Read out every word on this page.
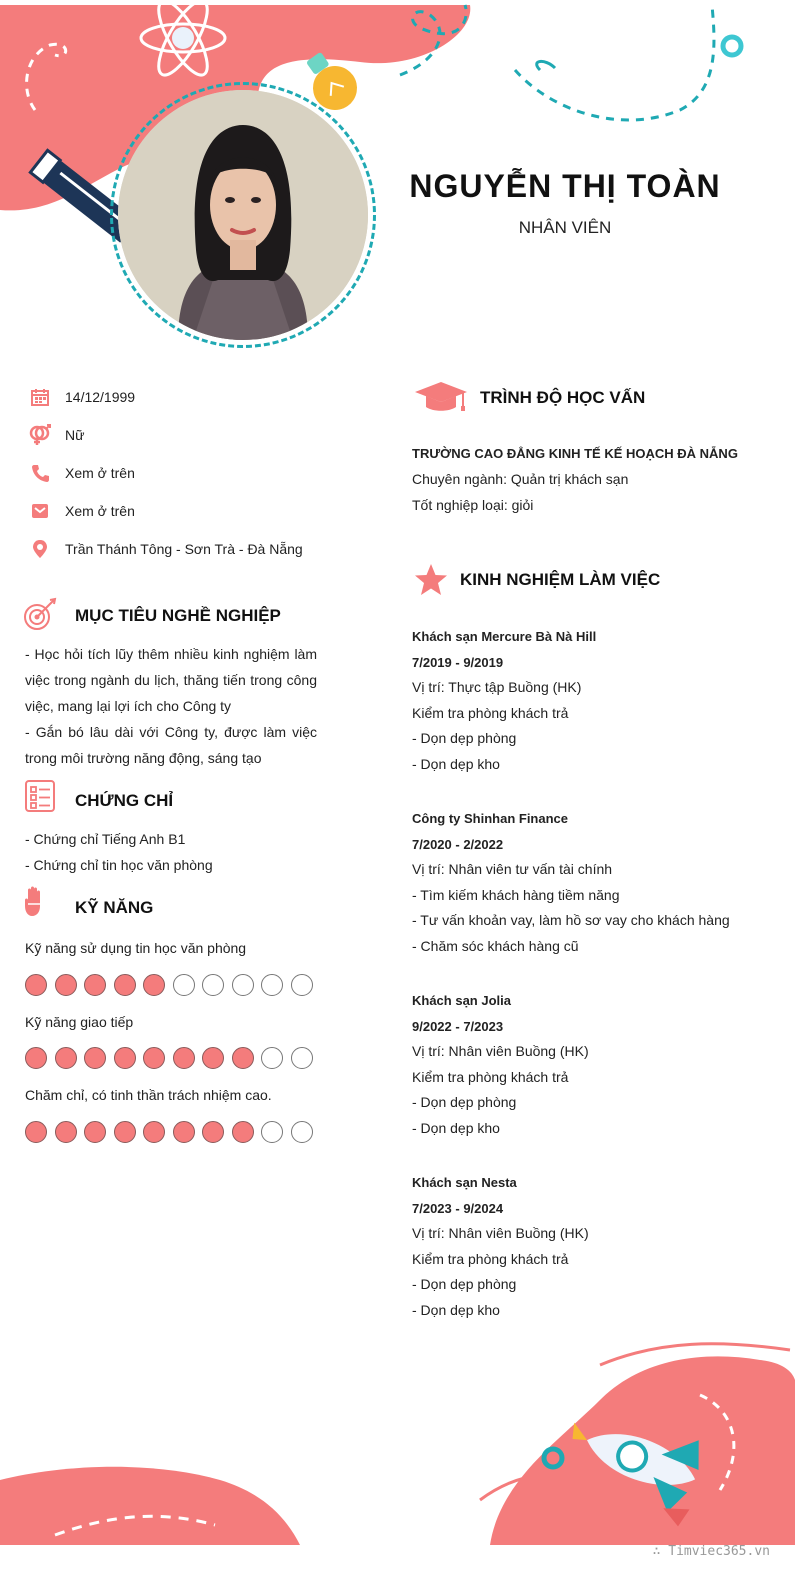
NGUYỄN THỊ TOÀN
NHÂN VIÊN
14/12/1999
Nữ
Xem ở trên
Xem ở trên
Trần Thánh Tông - Sơn Trà - Đà Nẵng
MỤC TIÊU NGHỀ NGHIỆP

- Học hỏi tích lũy thêm nhiều kinh nghiệm làm việc trong ngành du lịch, thăng tiến trong công việc, mang lại lợi ích cho Công ty

- Gắn bó lâu dài với Công ty, được làm việc trong môi trường năng động, sáng tạo

CHỨNG CHỈ
- Chứng chỉ Tiếng Anh B1
- Chứng chỉ tin học văn phòng
KỸ NĂNG
Kỹ năng sử dụng tin học văn phòng
Kỹ năng giao tiếp
Chăm chỉ, có tinh thần trách nhiệm cao.
TRÌNH ĐỘ HỌC VẤN
TRƯỜNG CAO ĐẲNG KINH TẾ KẾ HOẠCH ĐÀ NẴNG
Chuyên ngành: Quản trị khách sạn
Tốt nghiệp loại: giỏi
KINH NGHIỆM LÀM VIỆC
Khách sạn Mercure Bà Nà Hill
7/2019 - 9/2019
Vị trí: Thực tập Buồng (HK)
Kiểm tra phòng khách trả
- Dọn dẹp phòng
- Dọn dẹp kho
Công ty Shinhan Finance
7/2020 - 2/2022
Vị trí: Nhân viên tư vấn tài chính
- Tìm kiếm khách hàng tiềm năng
- Tư vấn khoản vay, làm hồ sơ vay cho khách hàng
- Chăm sóc khách hàng cũ
Khách sạn Jolia
9/2022 - 7/2023
Vị trí: Nhân viên Buồng (HK)
Kiểm tra phòng khách trả
- Dọn dẹp phòng
- Dọn dẹp kho
Khách sạn Nesta
7/2023 - 9/2024
Vị trí: Nhân viên Buồng (HK)
Kiểm tra phòng khách trả
- Dọn dẹp phòng
- Dọn dẹp kho
∴ Timviec365.vn
